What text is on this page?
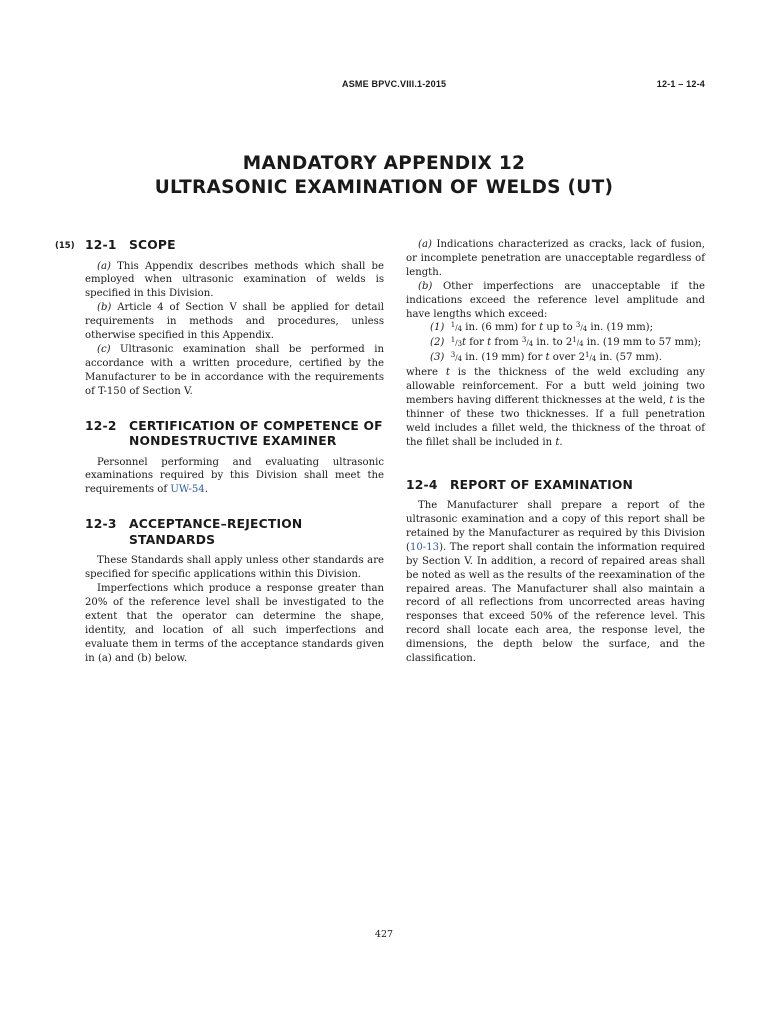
ASME BPVC.VIII.1-2015	12-1 – 12-4
MANDATORY APPENDIX 12
ULTRASONIC EXAMINATION OF WELDS (UT)
(15) 12-1	SCOPE

(a) This Appendix describes methods which shall be employed when ultrasonic examination of welds is specified in this Division.

(b) Article 4 of Section V shall be applied for detail requirements in methods and procedures, unless otherwise specified in this Appendix.

(c) Ultrasonic examination shall be performed in accordance with a written procedure, certified by the Manufacturer to be in accordance with the requirements of T-150 of Section V.

12-2	CERTIFICATION OF COMPETENCE OF NONDESTRUCTIVE EXAMINER

Personnel performing and evaluating ultrasonic examinations required by this Division shall meet the requirements of UW-54.

12-3	ACCEPTANCE–REJECTION STANDARDS

These Standards shall apply unless other standards are specified for specific applications within this Division.

Imperfections which produce a response greater than 20% of the reference level shall be investigated to the extent that the operator can determine the shape, identity, and location of all such imperfections and evaluate them in terms of the acceptance standards given in (a) and (b) below.

(a) Indications characterized as cracks, lack of fusion, or incomplete penetration are unacceptable regardless of length.

(b) Other imperfections are unacceptable if the indications exceed the reference level amplitude and have lengths which exceed:

(1) 1/4 in. (6 mm) for t up to 3/4 in. (19 mm);

(2) 1/3t for t from 3/4 in. to 21/4 in. (19 mm to 57 mm);

(3) 3/4 in. (19 mm) for t over 21/4 in. (57 mm).

where t is the thickness of the weld excluding any allowable reinforcement. For a butt weld joining two members having different thicknesses at the weld, t is the thinner of these two thicknesses. If a full penetration weld includes a fillet weld, the thickness of the throat of the fillet shall be included in t.

12-4	REPORT OF EXAMINATION

The Manufacturer shall prepare a report of the ultrasonic examination and a copy of this report shall be retained by the Manufacturer as required by this Division (10-13). The report shall contain the information required by Section V. In addition, a record of repaired areas shall be noted as well as the results of the reexamination of the repaired areas. The Manufacturer shall also maintain a record of all reflections from uncorrected areas having responses that exceed 50% of the reference level. This record shall locate each area, the response level, the dimensions, the depth below the surface, and the classification.

427
